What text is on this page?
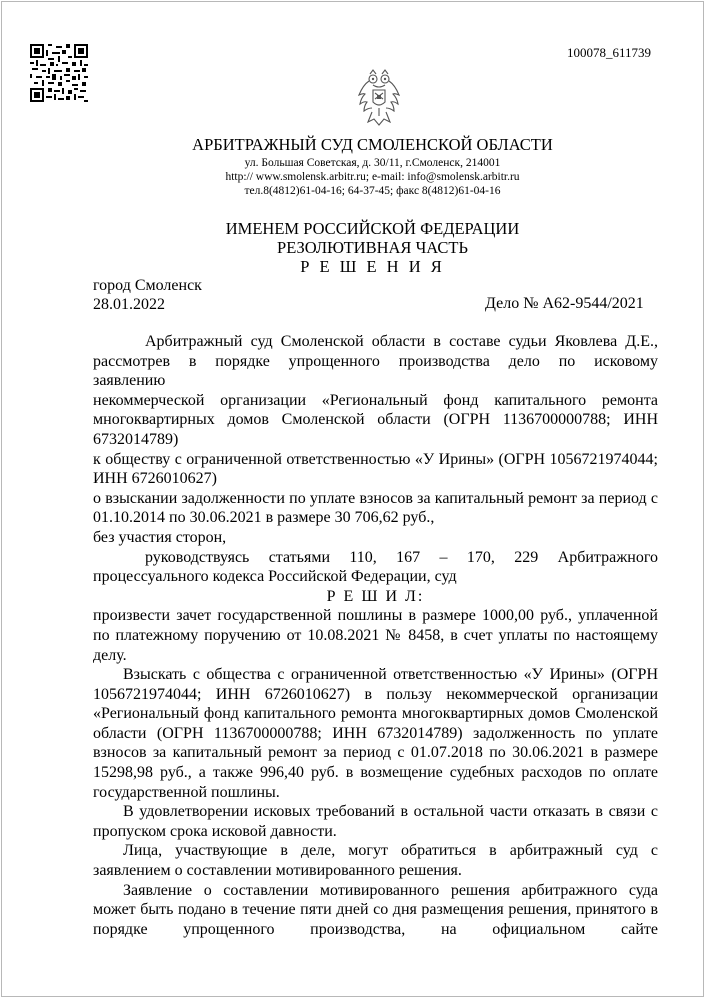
100078_611739
АРБИТРАЖНЫЙ СУД СМОЛЕНСКОЙ ОБЛАСТИ
ул. Большая Советская, д. 30/11, г.Смоленск, 214001
http:// www.smolensk.arbitr.ru; e-mail: info@smolensk.arbitr.ru
тел.8(4812)61-04-16; 64-37-45; факс 8(4812)61-04-16
ИМЕНЕМ РОССИЙСКОЙ ФЕДЕРАЦИИ
РЕЗОЛЮТИВНАЯ ЧАСТЬ
Р Е Ш Е Н И Я
город Смоленск
28.01.2022	Дело № А62-9544/2021

Арбитражный суд Смоленской области в составе судьи Яковлева Д.Е.,

рассмотрев в порядке упрощенного производства дело по исковому

заявлению

некоммерческой организации «Региональный фонд капитального ремонта многоквартирных домов Смоленской области (ОГРН 1136700000788; ИНН 6732014789)

к обществу с ограниченной ответственностью «У Ирины» (ОГРН 1056721974044; ИНН 6726010627)

о взыскании задолженности по уплате взносов за капитальный ремонт за период с 01.10.2014 по 30.06.2021 в размере 30 706,62 руб.,

без участия сторон,

руководствуясь статьями 110, 167 – 170, 229 Арбитражного процессуального кодекса Российской Федерации, суд

Р Е Ш И Л:

произвести зачет государственной пошлины в размере 1000,00 руб., уплаченной по платежному поручению от 10.08.2021 № 8458, в счет уплаты по настоящему делу.

Взыскать с общества с ограниченной ответственностью «У Ирины» (ОГРН 1056721974044; ИНН 6726010627) в пользу некоммерческой организации «Региональный фонд капитального ремонта многоквартирных домов Смоленской области (ОГРН 1136700000788; ИНН 6732014789) задолженность по уплате взносов за капитальный ремонт за период с 01.07.2018 по 30.06.2021 в размере 15298,98 руб., а также 996,40 руб. в возмещение судебных расходов по оплате государственной пошлины.

В удовлетворении исковых требований в остальной части отказать в связи с пропуском срока исковой давности.

Лица, участвующие в деле, могут обратиться в арбитражный суд с заявлением о составлении мотивированного решения.

Заявление о составлении мотивированного решения арбитражного суда может быть подано в течение пяти дней со дня размещения решения, принятого в порядке упрощенного производства, на официальном сайте
